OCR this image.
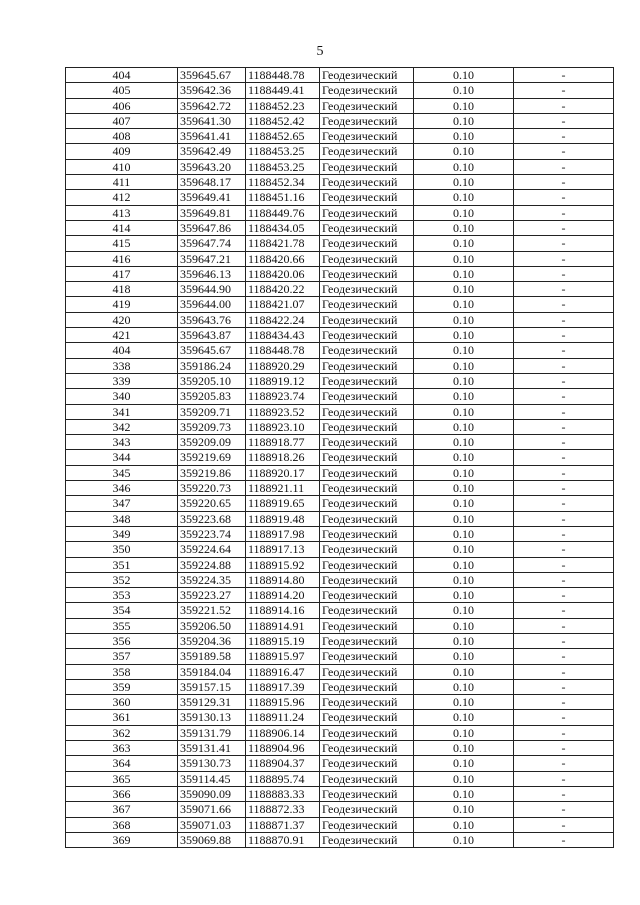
5
404	359645.67	1188448.78	Геодезический	0.10	-
405	359642.36	1188449.41	Геодезический	0.10	-
406	359642.72	1188452.23	Геодезический	0.10	-
407	359641.30	1188452.42	Геодезический	0.10	-
408	359641.41	1188452.65	Геодезический	0.10	-
409	359642.49	1188453.25	Геодезический	0.10	-
410	359643.20	1188453.25	Геодезический	0.10	-
411	359648.17	1188452.34	Геодезический	0.10	-
412	359649.41	1188451.16	Геодезический	0.10	-
413	359649.81	1188449.76	Геодезический	0.10	-
414	359647.86	1188434.05	Геодезический	0.10	-
415	359647.74	1188421.78	Геодезический	0.10	-
416	359647.21	1188420.66	Геодезический	0.10	-
417	359646.13	1188420.06	Геодезический	0.10	-
418	359644.90	1188420.22	Геодезический	0.10	-
419	359644.00	1188421.07	Геодезический	0.10	-
420	359643.76	1188422.24	Геодезический	0.10	-
421	359643.87	1188434.43	Геодезический	0.10	-
404	359645.67	1188448.78	Геодезический	0.10	-
338	359186.24	1188920.29	Геодезический	0.10	-
339	359205.10	1188919.12	Геодезический	0.10	-
340	359205.83	1188923.74	Геодезический	0.10	-
341	359209.71	1188923.52	Геодезический	0.10	-
342	359209.73	1188923.10	Геодезический	0.10	-
343	359209.09	1188918.77	Геодезический	0.10	-
344	359219.69	1188918.26	Геодезический	0.10	-
345	359219.86	1188920.17	Геодезический	0.10	-
346	359220.73	1188921.11	Геодезический	0.10	-
347	359220.65	1188919.65	Геодезический	0.10	-
348	359223.68	1188919.48	Геодезический	0.10	-
349	359223.74	1188917.98	Геодезический	0.10	-
350	359224.64	1188917.13	Геодезический	0.10	-
351	359224.88	1188915.92	Геодезический	0.10	-
352	359224.35	1188914.80	Геодезический	0.10	-
353	359223.27	1188914.20	Геодезический	0.10	-
354	359221.52	1188914.16	Геодезический	0.10	-
355	359206.50	1188914.91	Геодезический	0.10	-
356	359204.36	1188915.19	Геодезический	0.10	-
357	359189.58	1188915.97	Геодезический	0.10	-
358	359184.04	1188916.47	Геодезический	0.10	-
359	359157.15	1188917.39	Геодезический	0.10	-
360	359129.31	1188915.96	Геодезический	0.10	-
361	359130.13	1188911.24	Геодезический	0.10	-
362	359131.79	1188906.14	Геодезический	0.10	-
363	359131.41	1188904.96	Геодезический	0.10	-
364	359130.73	1188904.37	Геодезический	0.10	-
365	359114.45	1188895.74	Геодезический	0.10	-
366	359090.09	1188883.33	Геодезический	0.10	-
367	359071.66	1188872.33	Геодезический	0.10	-
368	359071.03	1188871.37	Геодезический	0.10	-
369	359069.88	1188870.91	Геодезический	0.10	-
